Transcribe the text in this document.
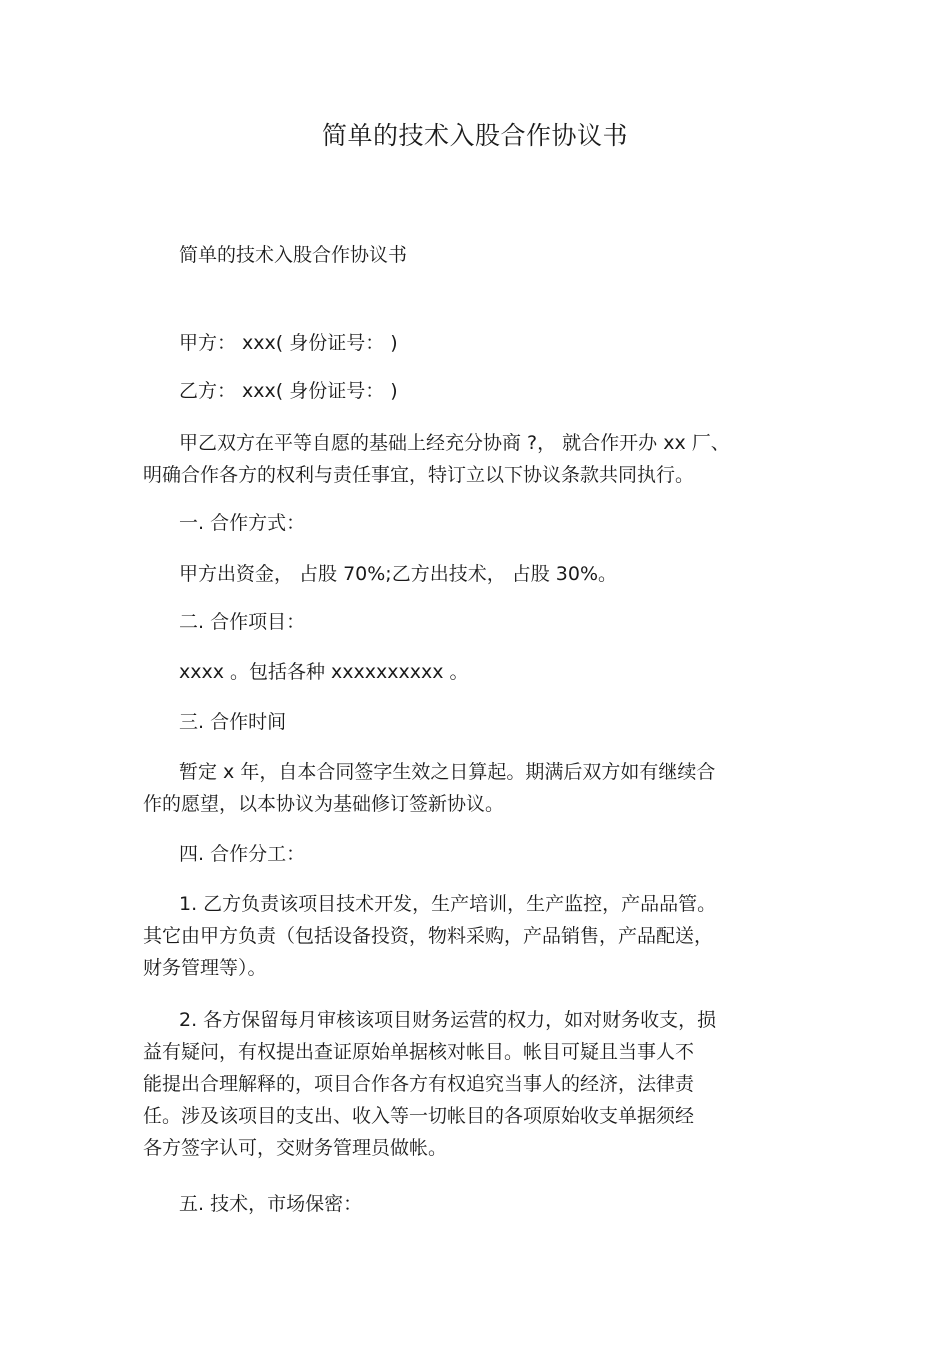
简单的技术入股合作协议书

简单的技术入股合作协议书

甲方： xxx( 身份证号： )

乙方： xxx( 身份证号： )

甲乙双方在平等自愿的基础上经充分协商 ?， 就合作开办 xx 厂、
明确合作各方的权利与责任事宜，特订立以下协议条款共同执行。

一. 合作方式：

甲方出资金， 占股 70%;乙方出技术， 占股 30%。

二. 合作项目：

xxxx 。包括各种 xxxxxxxxxx 。

三. 合作时间

暂定 x 年，自本合同签字生效之日算起。期满后双方如有继续合
作的愿望，以本协议为基础修订签新协议。

四. 合作分工：

1. 乙方负责该项目技术开发，生产培训，生产监控，产品品管。
其它由甲方负责（包括设备投资，物料采购，产品销售，产品配送，
财务管理等）。
2. 各方保留每月审核该项目财务运营的权力，如对财务收支，损
益有疑问，有权提出查证原始单据核对帐目。帐目可疑且当事人不
能提出合理解释的，项目合作各方有权追究当事人的经济，法律责
任。涉及该项目的支出、收入等一切帐目的各项原始收支单据须经
各方签字认可，交财务管理员做帐。

五. 技术，市场保密：
